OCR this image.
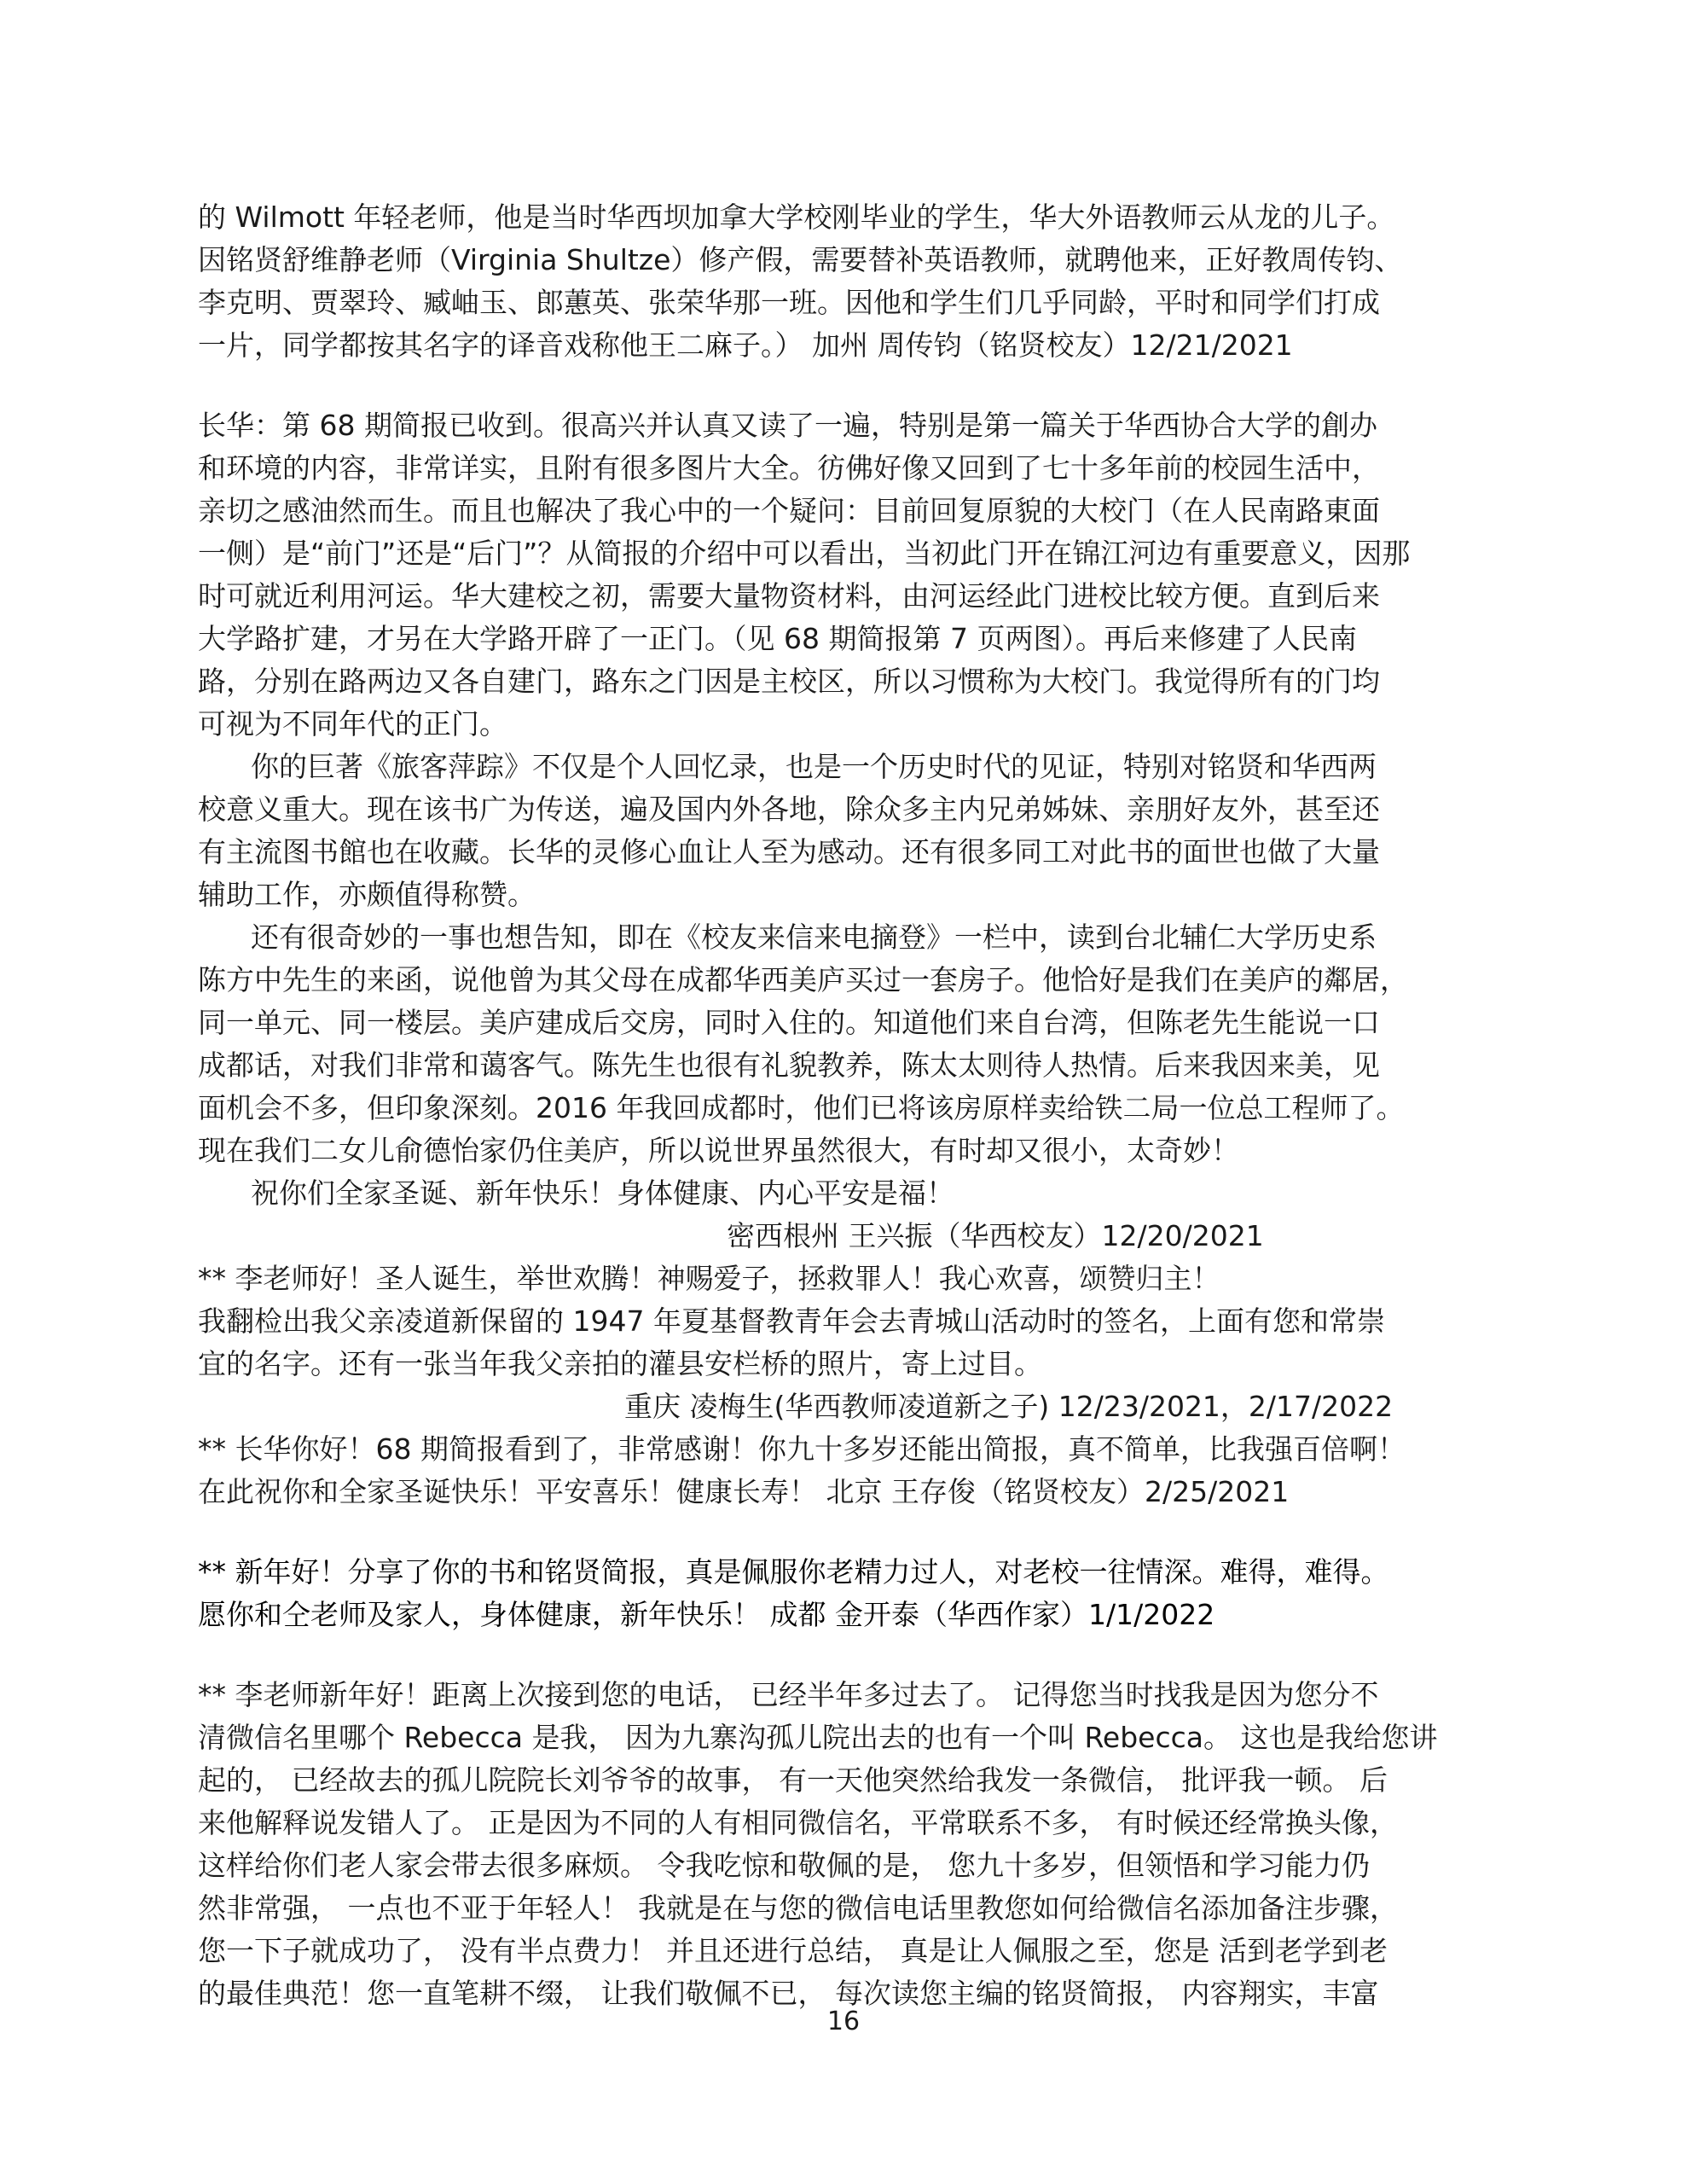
的 Wilmott 年轻老师，他是当时华西坝加拿大学校刚毕业的学生，华大外语教师云从龙的儿子。
因铭贤舒维静老师（Virginia Shultze）修产假，需要替补英语教师，就聘他来，正好教周传钧、
李克明、贾翠玲、臧岫玉、郎蕙英、张荣华那一班。因他和学生们几乎同龄，平时和同学们打成
一片，同学都按其名字的译音戏称他王二麻子。） 加州 周传钧（铭贤校友）12/21/2021
长华：第 68 期简报已收到。很高兴并认真又读了一遍，特别是第一篇关于华西协合大学的創办
和环境的内容，非常详实，且附有很多图片大全。彷佛好像又回到了七十多年前的校园生活中，
亲切之感油然而生。而且也解决了我心中的一个疑问：目前回复原貌的大校门（在人民南路東面
一侧）是“前门”还是“后门”？从简报的介绍中可以看出，当初此门开在锦江河边有重要意义，因那
时可就近利用河运。华大建校之初，需要大量物资材料，由河运经此门进校比较方便。直到后来
大学路扩建，才另在大学路开辟了一正门。（见 68 期简报第 7 页两图）。再后来修建了人民南
路，分别在路两边又各自建门，路东之门因是主校区，所以习惯称为大校门。我觉得所有的门均
可视为不同年代的正门。
你的巨著《旅客萍踪》不仅是个人回忆录，也是一个历史时代的见证，特别对铭贤和华西两
校意义重大。现在该书广为传送，遍及国内外各地，除众多主内兄弟姊妹、亲朋好友外，甚至还
有主流图书館也在收藏。长华的灵修心血让人至为感动。还有很多同工对此书的面世也做了大量
辅助工作，亦颇值得称赞。
还有很奇妙的一事也想告知，即在《校友来信来电摘登》一栏中，读到台北辅仁大学历史系
陈方中先生的来函，说他曾为其父母在成都华西美庐买过一套房子。他恰好是我们在美庐的鄰居，
同一单元、同一楼层。美庐建成后交房，同时入住的。知道他们来自台湾，但陈老先生能说一口
成都话，对我们非常和蔼客气。陈先生也很有礼貌教养，陈太太则待人热情。后来我因来美，见
面机会不多，但印象深刻。2016 年我回成都时，他们已将该房原样卖给铁二局一位总工程师了。
现在我们二女儿俞德怡家仍住美庐，所以说世界虽然很大，有时却又很小，太奇妙！
祝你们全家圣诞、新年快乐！身体健康、内心平安是福！
密西根州 王兴振（华西校友）12/20/2021
** 李老师好！圣人诞生，举世欢腾！神赐爱子，拯救罪人！我心欢喜，颂赞归主！
我翻检出我父亲凌道新保留的 1947 年夏基督教青年会去青城山活动时的签名，上面有您和常崇
宜的名字。还有一张当年我父亲拍的灌县安栏桥的照片，寄上过目。
重庆 凌梅生(华西教师凌道新之子) 12/23/2021，2/17/2022
** 长华你好！68 期简报看到了，非常感谢！你九十多岁还能出简报，真不简单，比我强百倍啊！
在此祝你和全家圣诞快乐！平安喜乐！健康长寿！ 北京 王存俊（铭贤校友）2/25/2021
** 新年好！分享了你的书和铭贤简报，真是佩服你老精力过人，对老校一往情深。难得，难得。
愿你和仝老师及家人，身体健康，新年快乐！ 成都 金开泰（华西作家）1/1/2022
** 李老师新年好！距离上次接到您的电话， 已经半年多过去了。 记得您当时找我是因为您分不
清微信名里哪个 Rebecca 是我， 因为九寨沟孤儿院出去的也有一个叫 Rebecca。 这也是我给您讲
起的， 已经故去的孤儿院院长刘爷爷的故事， 有一天他突然给我发一条微信， 批评我一顿。 后
来他解释说发错人了。 正是因为不同的人有相同微信名，平常联系不多， 有时候还经常换头像，
这样给你们老人家会带去很多麻烦。 令我吃惊和敬佩的是， 您九十多岁，但领悟和学习能力仍
然非常强， 一点也不亚于年轻人！ 我就是在与您的微信电话里教您如何给微信名添加备注步骤，
您一下子就成功了， 没有半点费力！ 并且还进行总结， 真是让人佩服之至，您是 活到老学到老
的最佳典范！您一直笔耕不缀， 让我们敬佩不已， 每次读您主编的铭贤简报， 内容翔实，丰富
16
